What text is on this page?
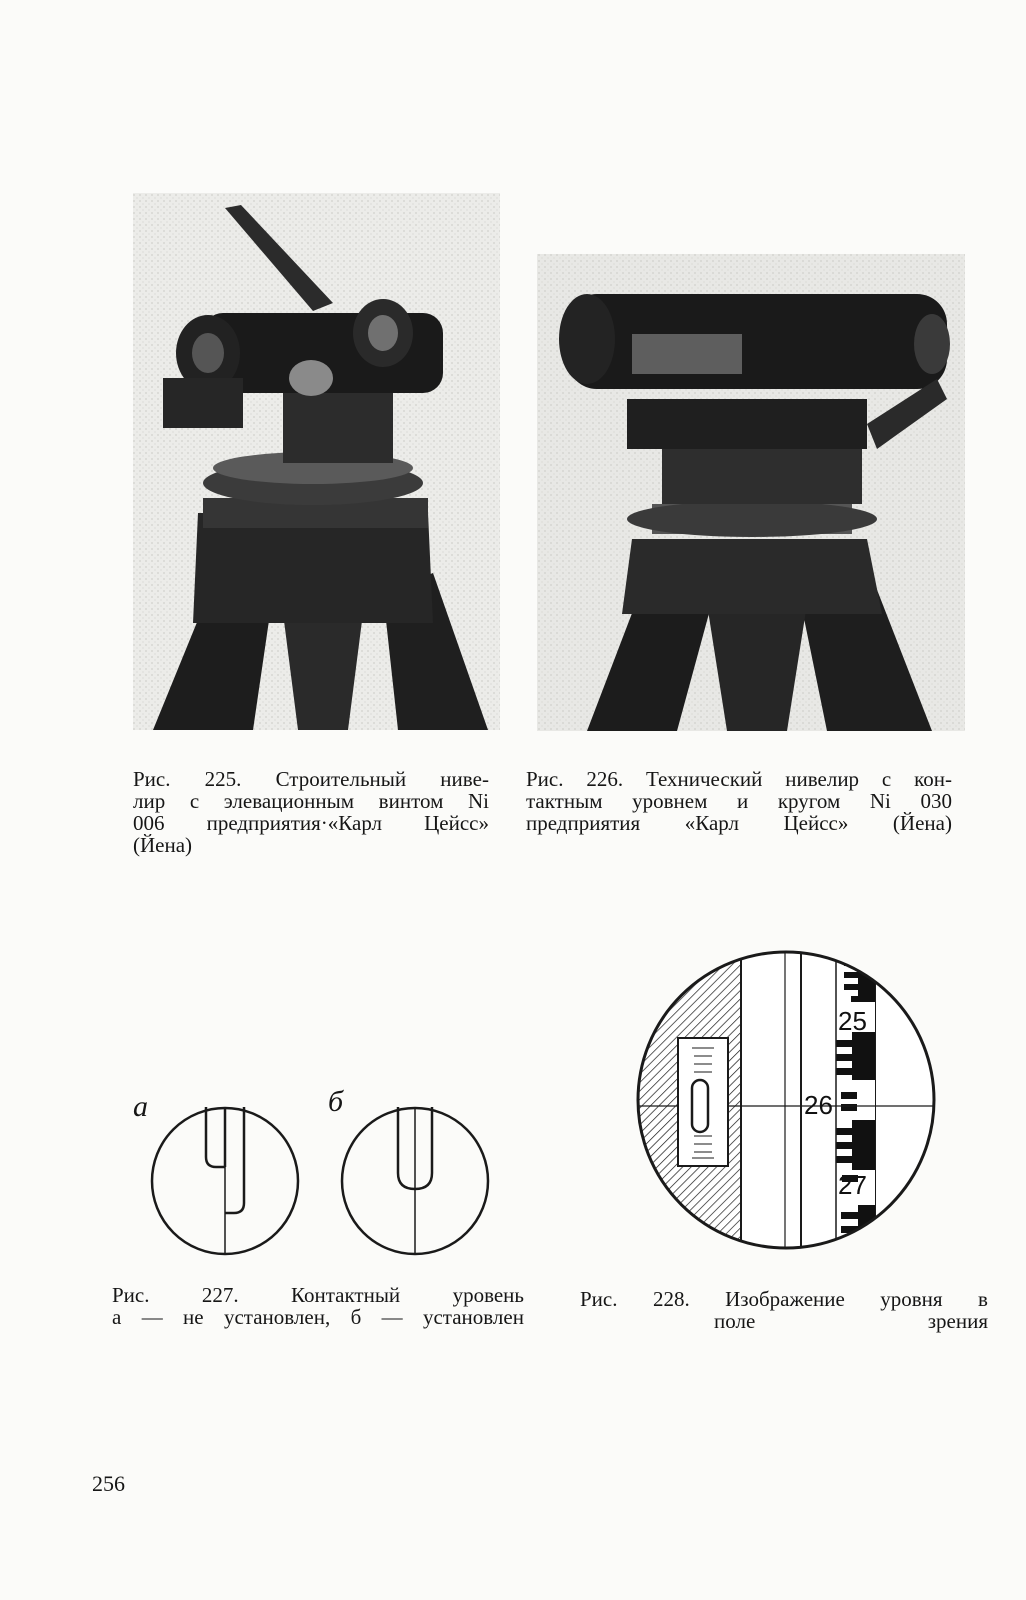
Рис. 225. Строительный нивe-
лир с элевационным винтом Ni
006 предприятия·«Карл Цейсс»
(Йена)
Рис. 226. Технический нивелир с кон-
тактным уровнем и кругом Ni 030
предприятия «Карл Цейсс» (Йена)
a	б
Рис. 227. Контактный уровень
а — не установлен, б — установлен
25
26
27
Рис. 228. Изображение уровня в
поле зрения
256
